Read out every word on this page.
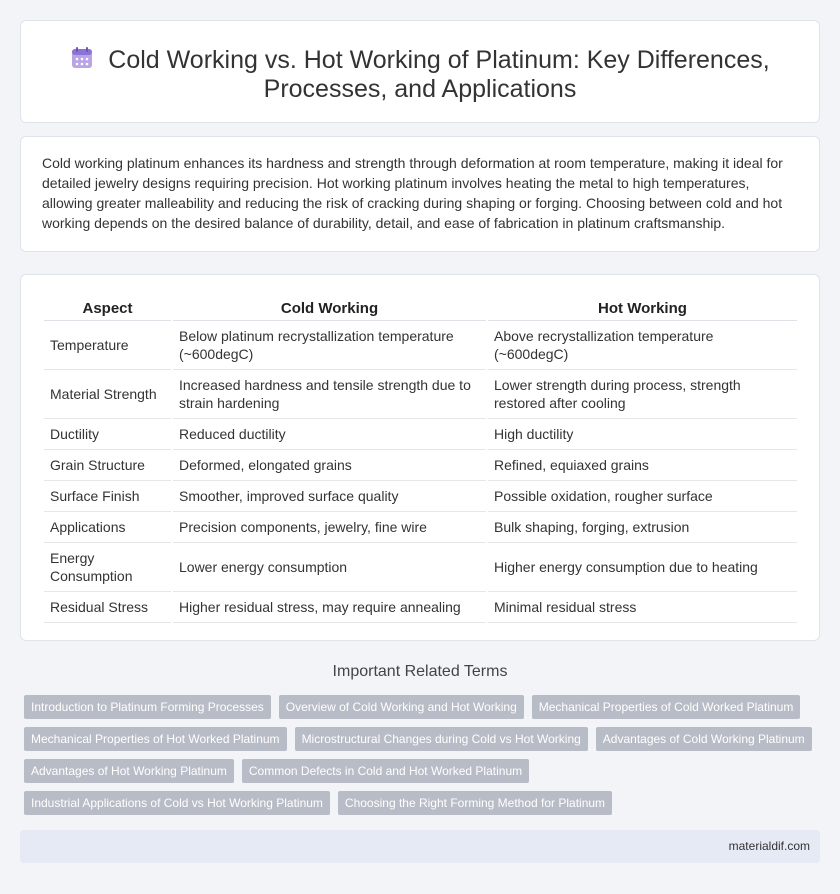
Cold Working vs. Hot Working of Platinum: Key Differences, Processes, and Applications

Cold working platinum enhances its hardness and strength through deformation at room temperature, making it ideal for detailed jewelry designs requiring precision. Hot working platinum involves heating the metal to high temperatures, allowing greater malleability and reducing the risk of cracking during shaping or forging. Choosing between cold and hot working depends on the desired balance of durability, detail, and ease of fabrication in platinum craftsmanship.

Aspect	Cold Working	Hot Working
Temperature	Below platinum recrystallization temperature (~600degC)	Above recrystallization temperature (~600degC)
Material Strength	Increased hardness and tensile strength due to strain hardening	Lower strength during process, strength restored after cooling
Ductility	Reduced ductility	High ductility
Grain Structure	Deformed, elongated grains	Refined, equiaxed grains
Surface Finish	Smoother, improved surface quality	Possible oxidation, rougher surface
Applications	Precision components, jewelry, fine wire	Bulk shaping, forging, extrusion
Energy Consumption	Lower energy consumption	Higher energy consumption due to heating
Residual Stress	Higher residual stress, may require annealing	Minimal residual stress
Important Related Terms
Introduction to Platinum Forming Processes	Overview of Cold Working and Hot Working	Mechanical Properties of Cold Worked Platinum
Mechanical Properties of Hot Worked Platinum	Microstructural Changes during Cold vs Hot Working	Advantages of Cold Working Platinum
Advantages of Hot Working Platinum	Common Defects in Cold and Hot Worked Platinum
Industrial Applications of Cold vs Hot Working Platinum	Choosing the Right Forming Method for Platinum
materialdif.com
